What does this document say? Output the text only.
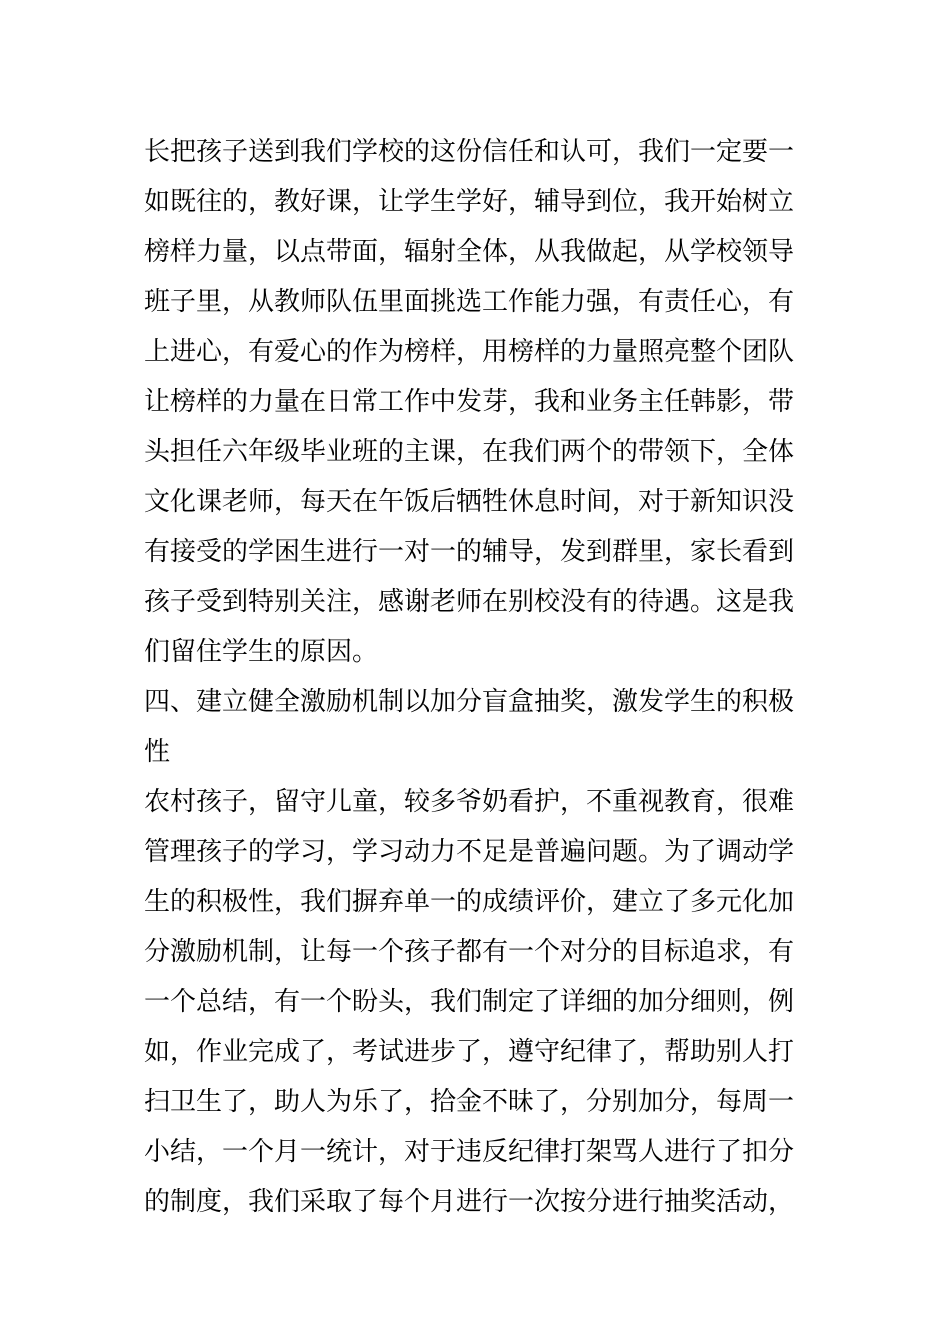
长把孩子送到我们学校的这份信任和认可，我们一定要一
如既往的，教好课，让学生学好，辅导到位，我开始树立
榜样力量，以点带面，辐射全体，从我做起，从学校领导
班子里，从教师队伍里面挑选工作能力强，有责任心，有
上进心，有爱心的作为榜样，用榜样的力量照亮整个团队
让榜样的力量在日常工作中发芽，我和业务主任韩影，带
头担任六年级毕业班的主课，在我们两个的带领下，全体
文化课老师，每天在午饭后牺牲休息时间，对于新知识没
有接受的学困生进行一对一的辅导，发到群里，家长看到
孩子受到特别关注，感谢老师在别校没有的待遇。这是我
们留住学生的原因。
四、建立健全激励机制以加分盲盒抽奖，激发学生的积极
性
农村孩子，留守儿童，较多爷奶看护，不重视教育，很难
管理孩子的学习，学习动力不足是普遍问题。为了调动学
生的积极性，我们摒弃单一的成绩评价，建立了多元化加
分激励机制，让每一个孩子都有一个对分的目标追求，有
一个总结，有一个盼头，我们制定了详细的加分细则，例
如，作业完成了，考试进步了，遵守纪律了，帮助别人打
扫卫生了，助人为乐了，拾金不昧了，分别加分，每周一
小结，一个月一统计，对于违反纪律打架骂人进行了扣分
的制度，我们采取了每个月进行一次按分进行抽奖活动，
